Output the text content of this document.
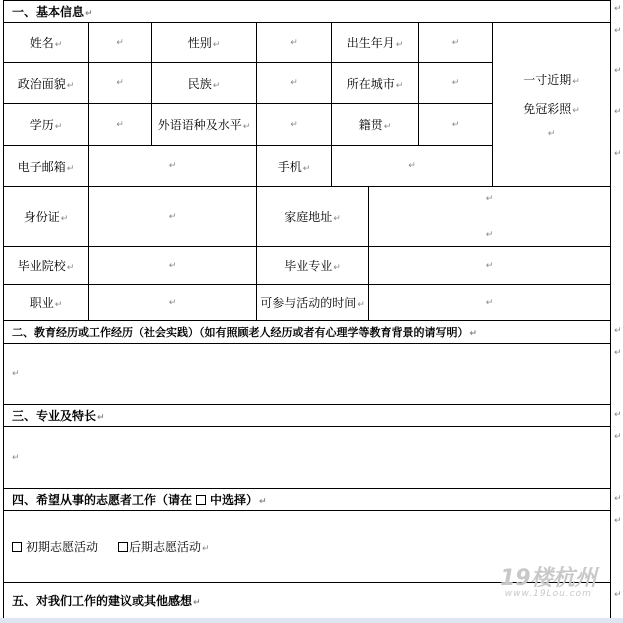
一、基本信息 ↵
姓名 ↵	↵	性别 ↵	↵	出生年月 ↵	↵
一寸近期 ↵
免冠彩照 ↵
↵
政治面貌 ↵	↵	民族 ↵	↵	所在城市 ↵	↵
学历 ↵	↵	外语语种及水平 ↵	↵	籍贯 ↵	↵
电子邮箱 ↵	↵	手机 ↵	↵
身份证 ↵	↵	家庭地址 ↵
↵
↵
毕业院校 ↵	↵	毕业专业 ↵	↵
职业 ↵	↵	可参与活动的时间 ↵	↵
二、教育经历或工作经历（社会实践）（如有照顾老人经历或者有心理学等教育背景的请写明） ↵
↵
三、专业及特长 ↵
↵
四、希望从事的志愿者工作（请在 中选择） ↵
初期志愿活动	后期志愿活动 ↵
五、对我们工作的建议或其他感想 ↵
↵
↵
↵
↵
↵
↵
↵
↵
↵
↵
↵
↵
19楼杭州
www.19Lou.com
